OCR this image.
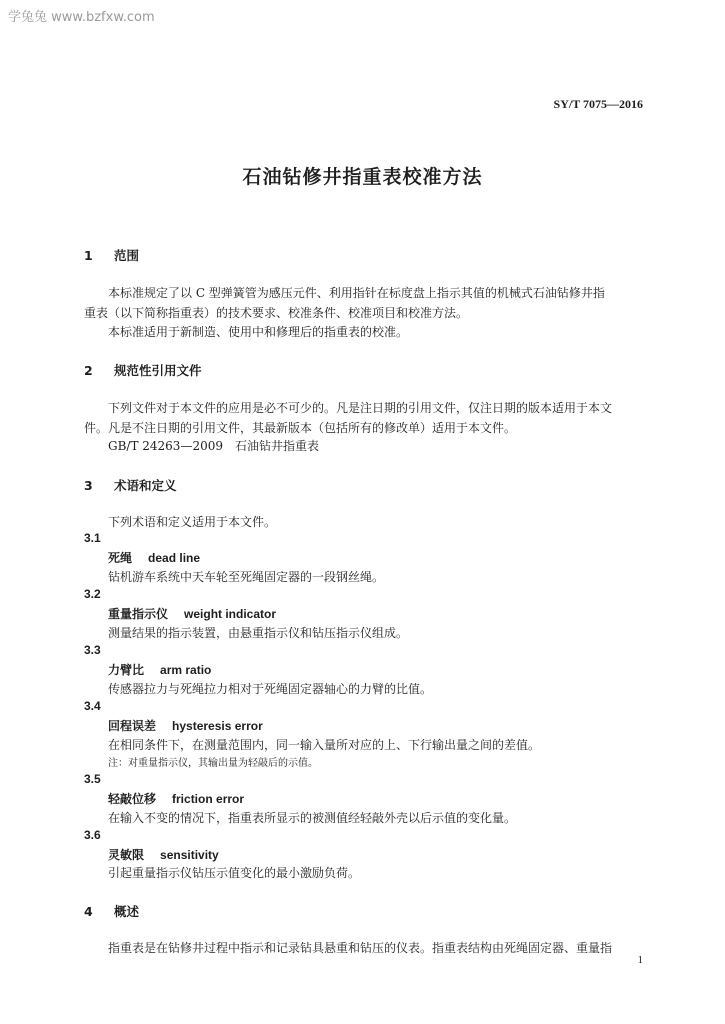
学兔兔 www.bzfxw.com
SY/T 7075—2016
石油钻修井指重表校准方法
1 范围
本标准规定了以 C 型弹簧管为感压元件、利用指针在标度盘上指示其值的机械式石油钻修井指
重表（以下简称指重表）的技术要求、校准条件、校准项目和校准方法。
本标准适用于新制造、使用中和修理后的指重表的校准。
2 规范性引用文件
下列文件对于本文件的应用是必不可少的。凡是注日期的引用文件，仅注日期的版本适用于本文
件。凡是不注日期的引用文件，其最新版本（包括所有的修改单）适用于本文件。
GB/T 24263—2009　石油钻井指重表
3 术语和定义
下列术语和定义适用于本文件。
3.1
死绳 dead line
钻机游车系统中天车轮至死绳固定器的一段钢丝绳。
3.2
重量指示仪 weight indicator
测量结果的指示装置，由悬重指示仪和钻压指示仪组成。
3.3
力臂比 arm ratio
传感器拉力与死绳拉力相对于死绳固定器轴心的力臂的比值。
3.4
回程误差 hysteresis error
在相同条件下，在测量范围内，同一输入量所对应的上、下行输出量之间的差值。
注：对重量指示仪，其输出量为轻敲后的示值。
3.5
轻敲位移 friction error
在输入不变的情况下，指重表所显示的被测值经轻敲外壳以后示值的变化量。
3.6
灵敏限 sensitivity
引起重量指示仪钻压示值变化的最小激励负荷。
4 概述
指重表是在钻修井过程中指示和记录钻具悬重和钻压的仪表。指重表结构由死绳固定器、重量指
1
